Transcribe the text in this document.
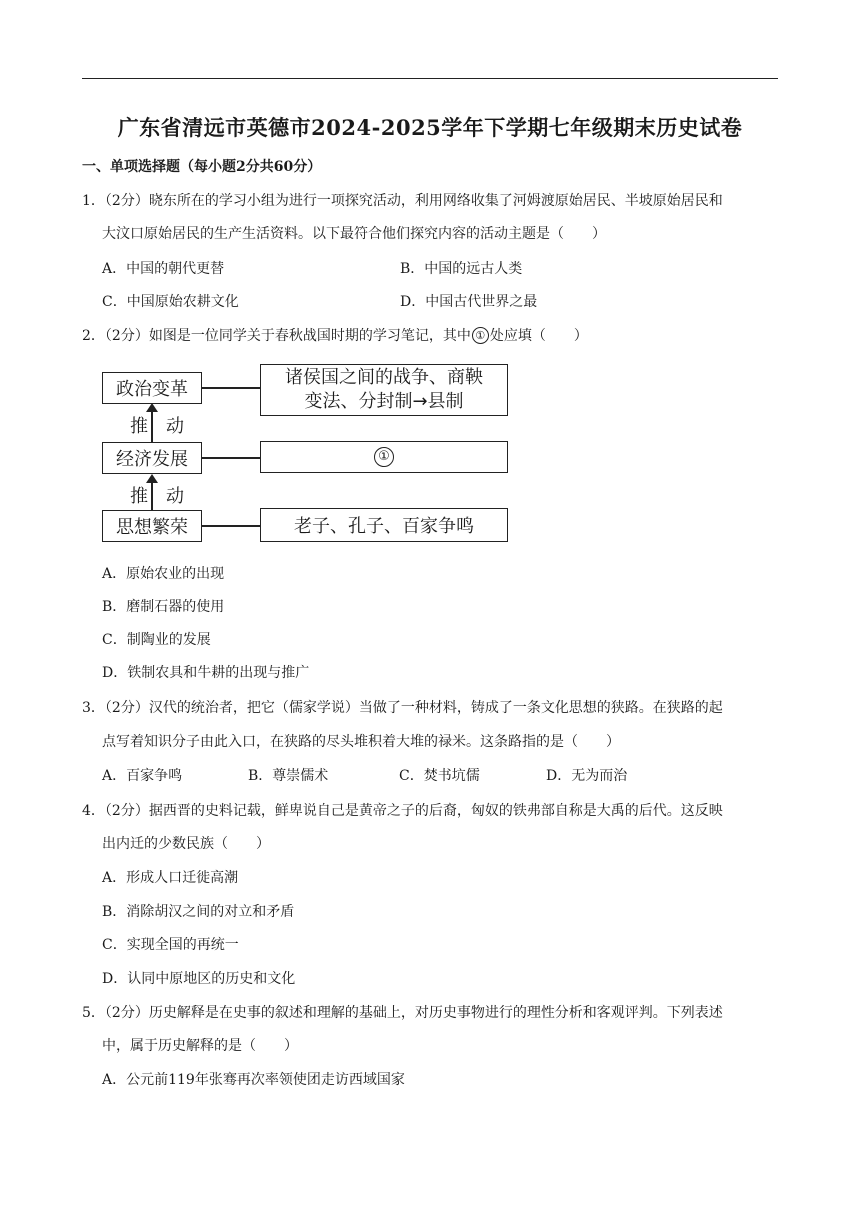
广东省清远市英德市2024-2025学年下学期七年级期末历史试卷
一、单项选择题（每小题2分共60分）
1．（2分）晓东所在的学习小组为进行一项探究活动，利用网络收集了河姆渡原始居民、半坡原始居民和
大汶口原始居民的生产生活资料。以下最符合他们探究内容的活动主题是（　　）
A．中国的朝代更替	B．中国的远古人类
C．中国原始农耕文化	D．中国古代世界之最
2．（2分）如图是一位同学关于春秋战国时期的学习笔记，其中 ① 处应填（　　）
政治变革
诸侯国之间的战争、商鞅
变法、分封制→县制
推　动
经济发展	①
推　动
思想繁荣	老子、孔子、百家争鸣
A．原始农业的出现
B．磨制石器的使用
C．制陶业的发展
D．铁制农具和牛耕的出现与推广
3．（2分）汉代的统治者，把它（儒家学说）当做了一种材料，铸成了一条文化思想的狭路。在狭路的起
点写着知识分子由此入口，在狭路的尽头堆积着大堆的禄米。这条路指的是（　　）
A．百家争鸣	B．尊崇儒术	C．焚书坑儒	D．无为而治
4．（2分）据西晋的史料记载，鲜卑说自己是黄帝之子的后裔，匈奴的铁弗部自称是大禹的后代。这反映
出内迁的少数民族（　　）
A．形成人口迁徙高潮
B．消除胡汉之间的对立和矛盾
C．实现全国的再统一
D．认同中原地区的历史和文化
5．（2分）历史解释是在史事的叙述和理解的基础上，对历史事物进行的理性分析和客观评判。下列表述
中，属于历史解释的是（　　）
A．公元前119年张骞再次率领使团走访西域国家
